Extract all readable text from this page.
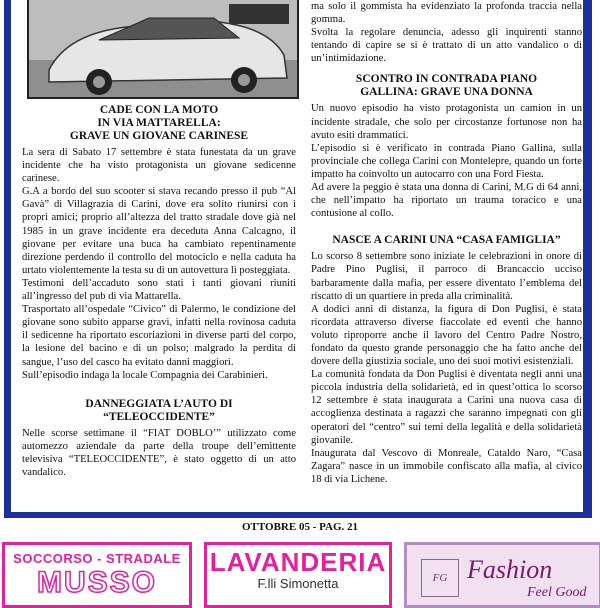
CADE CON LA MOTO
IN VIA MATTARELLA:
GRAVE UN GIOVANE CARINESE

La sera di Sabato 17 settembre è stata funestata da un grave incidente che ha visto protagonista un giovane sedicenne carinese.

G.A a bordo del suo scooter si stava recando presso il pub “Al Gavà” di Villagrazia di Carini, dove era solito riunirsi con i propri amici; proprio all’altezza del tratto stradale dove già nel 1985 in un grave incidente era deceduta Anna Calcagno, il giovane per evitare una buca ha cambiato repentinamente direzione perdendo il controllo del motociclo e nella caduta ha urtato violentemente la testa su di un autovettura lì posteggiata.

Testimoni dell’accaduto sono stati i tanti giovani riuniti all’ingresso del pub di via Mattarella.

Trasportato all’ospedale “Civico” di Palermo, le condizione del giovane sono subito apparse gravi, infatti nella rovinosa caduta il sedicenne ha riportato escoriazioni in diverse parti del corpo, la lesione del bacino e di un polso; malgrado la perdita di sangue, l’uso del casco ha evitato danni maggiori.

Sull’episodio indaga la locale Compagnia dei Carabinieri.

DANNEGGIATA L’AUTO DI
“TELEOCCIDENTE”

Nelle scorse settimane il “FIAT DOBLO’” utilizzato come automezzo aziendale da parte della troupe dell’emittente televisiva “TELEOCCIDENTE”, è stato oggetto di un atto vandalico.

ma solo il gommista ha evidenziato la profonda traccia nella gomma.

Svolta la regolare denuncia, adesso gli inquirenti stanno tentando di capire se si è trattato di un atto vandalico o di un’intimidazione.

SCONTRO IN CONTRADA PIANO
GALLINA: GRAVE UNA DONNA

Un nuovo episodio ha visto protagonista un camion in un incidente stradale, che solo per circostanze fortunose non ha avuto esiti drammatici.

L’episodio si è verificato in contrada Piano Gallina, sulla provinciale che collega Carini con Montelepre, quando un forte impatto ha coinvolto un autocarro con una Ford Fiesta.

Ad avere la peggio è stata una donna di Carini, M.G di 64 anni, che nell’impatto ha riportato un trauma toracico e una contusione al collo.

NASCE A CARINI UNA “CASA FAMIGLIA”

Lo scorso 8 settembre sono iniziate le celebrazioni in onore di Padre Pino Puglisi, il parroco di Brancaccio ucciso barbaramente dalla mafia, per essere diventato l’emblema del riscatto di un quartiere in preda alla criminalità.

A dodici anni di distanza, la figura di Don Puglisi, è stata ricordata attraverso diverse fiaccolate ed eventi che hanno voluto riproporre anche il lavoro del Centro Padre Nostro, fondato da questo grande personaggio che ha fatto anche del dovere della giustizia sociale, uno dei suoi motivi esistenziali.

La comunità fondata da Don Puglisi è diventata negli anni una piccola industria della solidarietà, ed in quest’ottica lo scorso 12 settembre è stata inaugurata a Carini una nuova casa di accoglienza destinata a ragazzi che saranno impegnati con gli operatori del “centro” sui temi della legalità e della solidarietà giovanile.

Inaugurata dal Vescovo di Monreale, Cataldo Naro, “Casa Zagara” nasce in un immobile confiscato alla mafia, al civico 18 di via Lichene.

OTTOBRE 05 - PAG. 21
SOCCORSO - STRADALE
MUSSO
LAVANDERIA
F.lli Simonetta	FG Fashion
Feel Good
